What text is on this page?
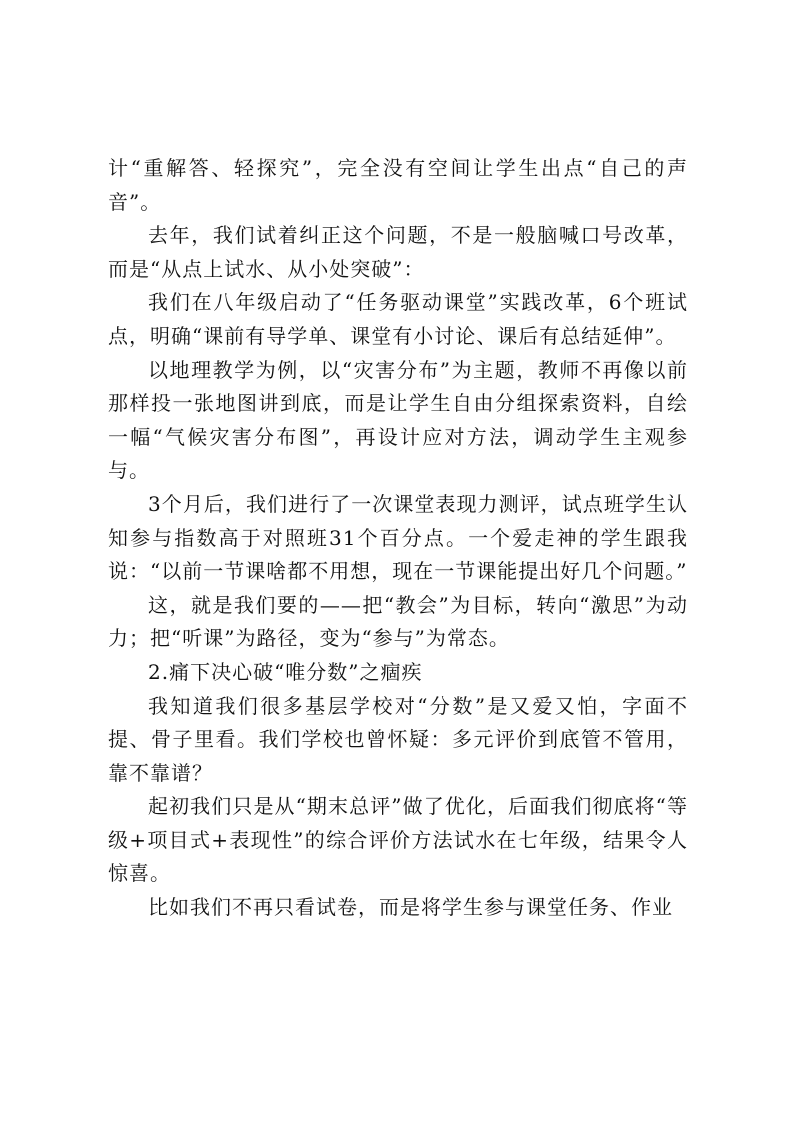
计“重解答、轻探究”，完全没有空间让学生出点“自己的声音”。

去年，我们试着纠正这个问题，不是一般脑喊口号改革，而是“从点上试水、从小处突破”：

我们在八年级启动了“任务驱动课堂”实践改革，6个班试点，明确“课前有导学单、课堂有小讨论、课后有总结延伸”。

以地理教学为例，以“灾害分布”为主题，教师不再像以前那样投一张地图讲到底，而是让学生自由分组探索资料，自绘一幅“气候灾害分布图”，再设计应对方法，调动学生主观参与。

3个月后，我们进行了一次课堂表现力测评，试点班学生认知参与指数高于对照班31个百分点。一个爱走神的学生跟我说：“以前一节课啥都不用想，现在一节课能提出好几个问题。”

这，就是我们要的——把“教会”为目标，转向“激思”为动力；把“听课”为路径，变为“参与”为常态。

2.痛下决心破“唯分数”之痼疾

我知道我们很多基层学校对“分数”是又爱又怕，字面不提、骨子里看。我们学校也曾怀疑：多元评价到底管不管用，靠不靠谱？

起初我们只是从“期末总评”做了优化，后面我们彻底将“等级+项目式+表现性”的综合评价方法试水在七年级，结果令人惊喜。

比如我们不再只看试卷，而是将学生参与课堂任务、作业
